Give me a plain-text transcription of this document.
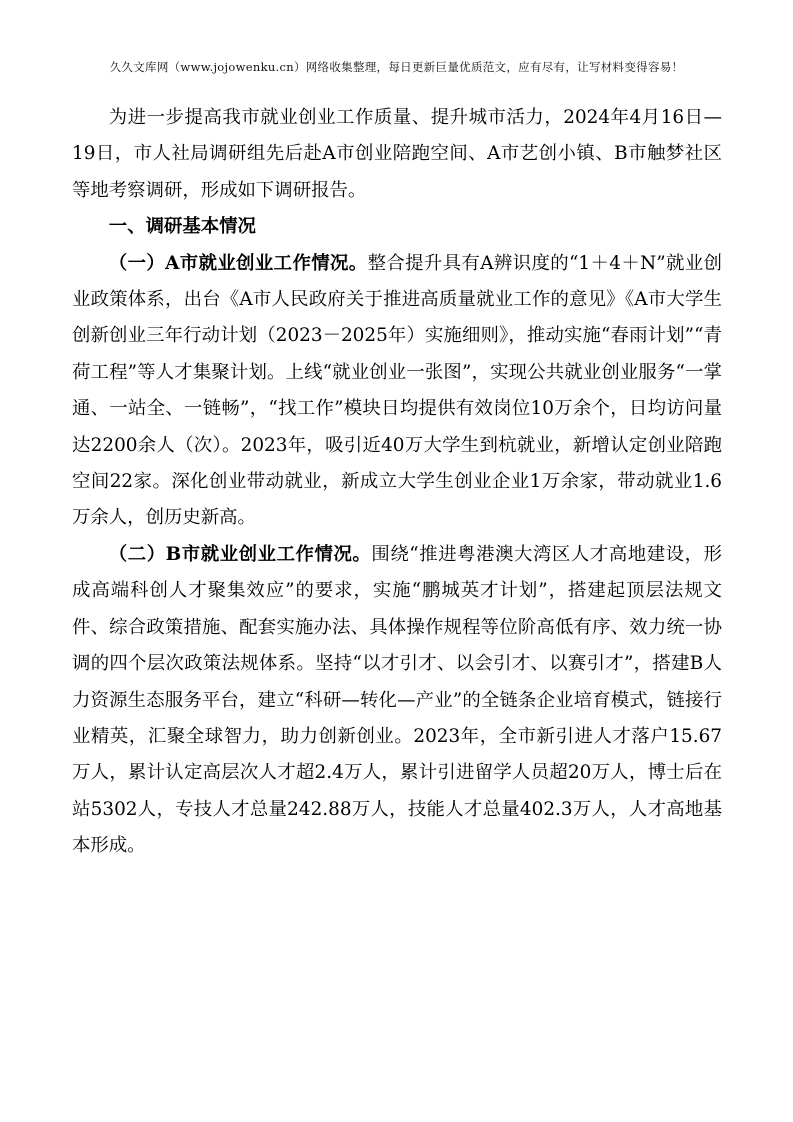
久久文库网（www.jojowenku.cn）网络收集整理，每日更新巨量优质范文，应有尽有，让写材料变得容易！

为进一步提高我市就业创业工作质量、提升城市活力，2024年4月16日—19日，市人社局调研组先后赴A市创业陪跑空间、A市艺创小镇、B市触梦社区等地考察调研，形成如下调研报告。

一、调研基本情况

（一）A市就业创业工作情况。整合提升具有A辨识度的“1＋4＋N”就业创业政策体系，出台《A市人民政府关于推进高质量就业工作的意见》《A市大学生创新创业三年行动计划（2023－2025年）实施细则》，推动实施“春雨计划”“青荷工程”等人才集聚计划。上线“就业创业一张图”，实现公共就业创业服务“一掌通、一站全、一链畅”，“找工作”模块日均提供有效岗位10万余个，日均访问量达2200余人（次）。2023年，吸引近40万大学生到杭就业，新增认定创业陪跑空间22家。深化创业带动就业，新成立大学生创业企业1万余家，带动就业1.6万余人，创历史新高。

（二）B市就业创业工作情况。围绕“推进粤港澳大湾区人才高地建设，形成高端科创人才聚集效应”的要求，实施“鹏城英才计划”，搭建起顶层法规文件、综合政策措施、配套实施办法、具体操作规程等位阶高低有序、效力统一协调的四个层次政策法规体系。坚持“以才引才、以会引才、以赛引才”，搭建B人力资源生态服务平台，建立“科研—转化—产业”的全链条企业培育模式，链接行业精英，汇聚全球智力，助力创新创业。2023年，全市新引进人才落户15.67万人，累计认定高层次人才超2.4万人，累计引进留学人员超20万人，博士后在站5302人，专技人才总量242.88万人，技能人才总量402.3万人，人才高地基本形成。
